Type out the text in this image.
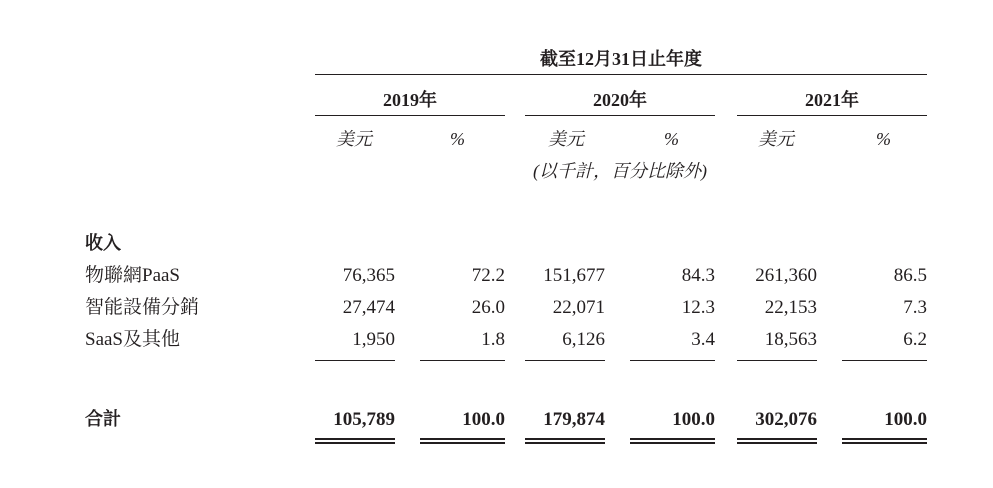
截至12月31日止年度
2019年	2020年	2021年
美元	%	美元	%	美元	%
(以千計，百分比除外)
收入
物聯網PaaS	76,365	72.2	151,677	84.3	261,360	86.5
智能設備分銷	27,474	26.0	22,071	12.3	22,153	7.3
SaaS及其他	1,950	1.8	6,126	3.4	18,563	6.2
合計	105,789	100.0	179,874	100.0	302,076	100.0
